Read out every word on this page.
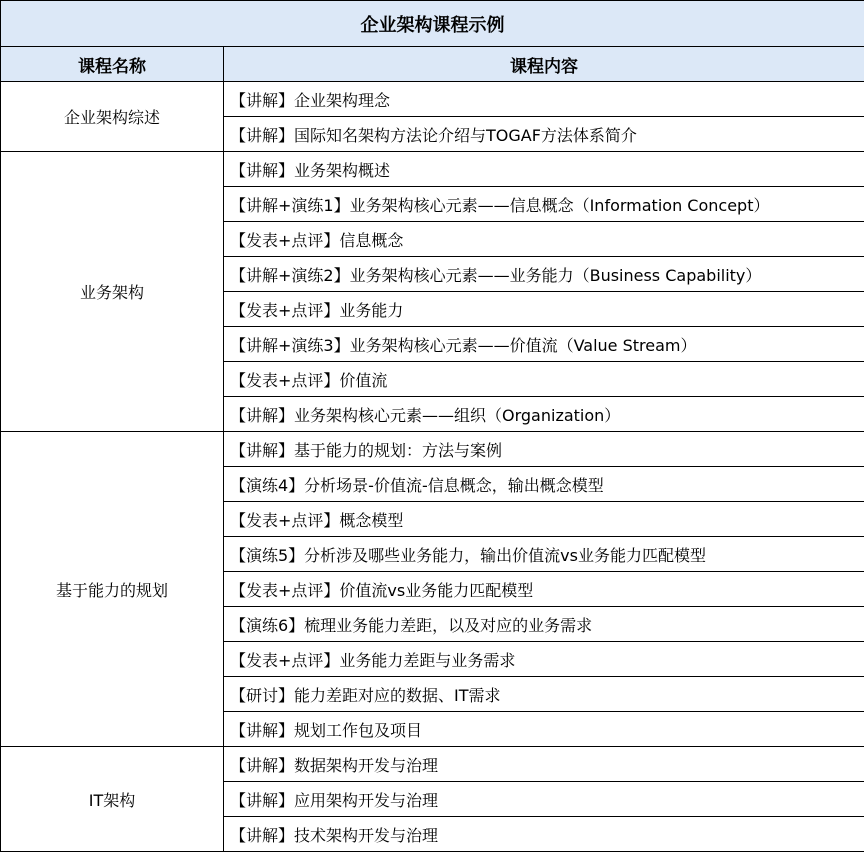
企业架构课程示例	
课程名称	课程内容
企业架构综述	【讲解】企业架构理念
	【讲解】国际知名架构方法论介绍与TOGAF方法体系简介
业务架构	【讲解】业务架构概述
	【讲解+演练1】业务架构核心元素——信息概念（Information Concept）
	【发表+点评】信息概念
	【讲解+演练2】业务架构核心元素——业务能力（Business Capability）
	【发表+点评】业务能力
	【讲解+演练3】业务架构核心元素——价值流（Value Stream）
	【发表+点评】价值流
	【讲解】业务架构核心元素——组织（Organization）
基于能力的规划	【讲解】基于能力的规划：方法与案例
	【演练4】分析场景-价值流-信息概念，输出概念模型
	【发表+点评】概念模型
	【演练5】分析涉及哪些业务能力，输出价值流vs业务能力匹配模型
	【发表+点评】价值流vs业务能力匹配模型
	【演练6】梳理业务能力差距，以及对应的业务需求
	【发表+点评】业务能力差距与业务需求
	【研讨】能力差距对应的数据、IT需求
	【讲解】规划工作包及项目
IT架构	【讲解】数据架构开发与治理
	【讲解】应用架构开发与治理
	【讲解】技术架构开发与治理
